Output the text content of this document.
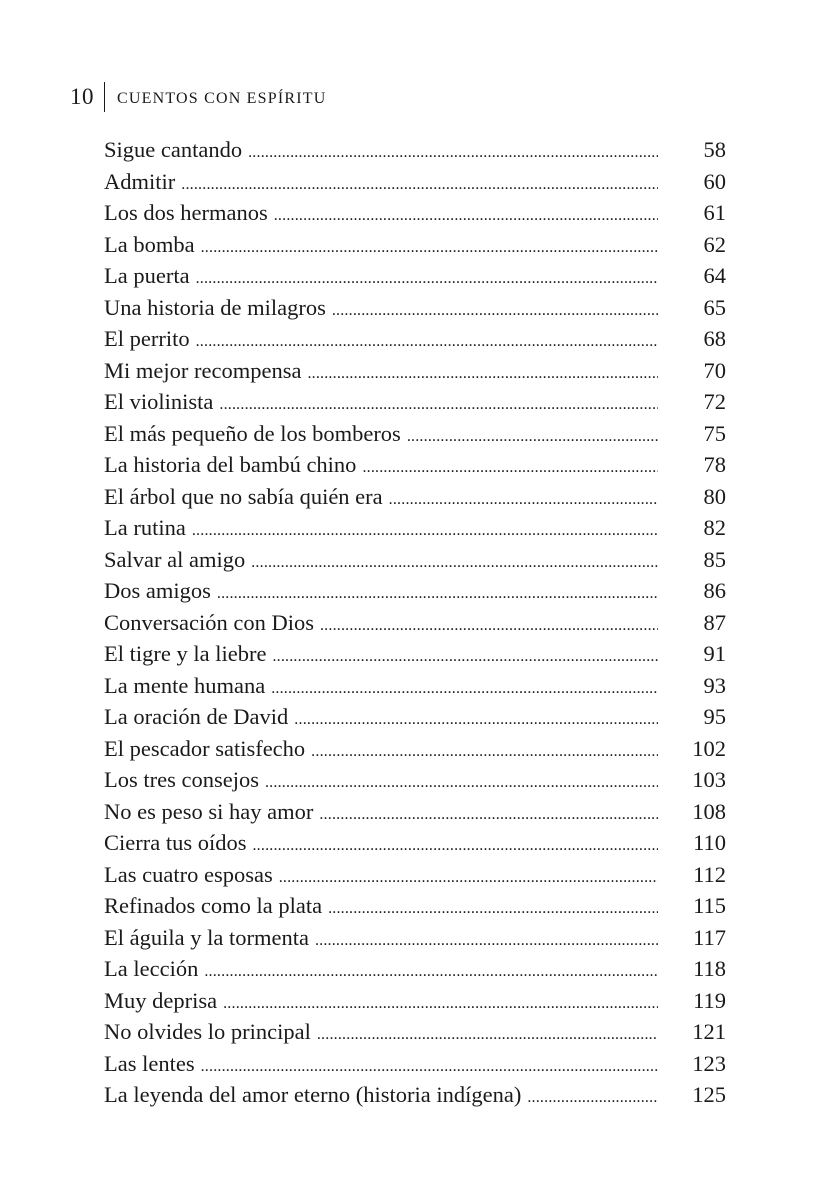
10 CUENTOS CON ESPÍRITU
Sigue cantando .....	58
Admitir .....	60
Los dos hermanos .....	61
La bomba .....	62
La puerta .....	64
Una historia de milagros .....	65
El perrito .....	68
Mi mejor recompensa .....	70
El violinista .....	72
El más pequeño de los bomberos .....	75
La historia del bambú chino .....	78
El árbol que no sabía quién era .....	80
La rutina .....	82
Salvar al amigo .....	85
Dos amigos .....	86
Conversación con Dios .....	87
El tigre y la liebre .....	91
La mente humana .....	93
La oración de David .....	95
El pescador satisfecho .....	102
Los tres consejos .....	103
No es peso si hay amor .....	108
Cierra tus oídos .....	110
Las cuatro esposas .....	112
Refinados como la plata .....	115
El águila y la tormenta .....	117
La lección .....	118
Muy deprisa .....	119
No olvides lo principal .....	121
Las lentes .....	123
La leyenda del amor eterno (historia indígena) .....	125
